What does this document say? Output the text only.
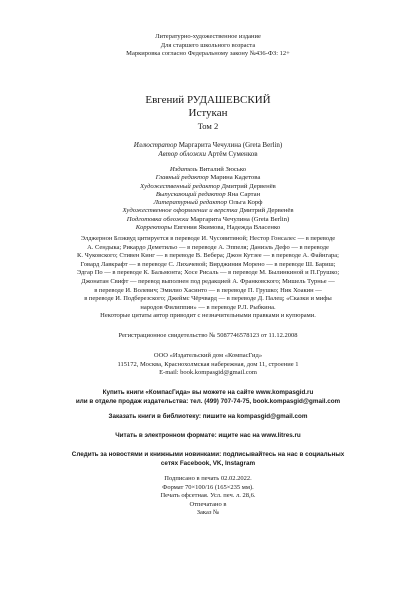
Литературно-художественное издание
Для старшего школьного возраста
Маркировка согласно Федеральному закону №436-ФЗ: 12+
Евгений РУДАШЕВСКИЙ
Истукан
Том 2
Иллюстратор Маргарита Чечулина (Greta Berlin)
Автор обложки Артём Суменков
Издатель Виталий Зюсько
Главный редактор Марина Кадетова
Художественный редактор Дмитрий Дервенёв
Выпускающий редактор Яна Сартан
Литературный редактор Ольга Корф
Художественное оформление и верстка Дмитрий Дервенёв
Подготовка обложки Маргарита Чечулина (Greta Berlin)
Корректоры Евгения Якимова, Надежда Власенко
Элджернон Блэквуд цитируется в переводе И. Чусовитиной; Нестор Гонсалес — в переводе
А. Сендыка; Рикардо Деметильо — в переводе А. Эппеля; Даниэль Дефо — в переводе
К. Чуковского; Стивен Кинг — в переводе В. Вебера; Джон Кутзее — в переводе А. Файнгара;
Говард Лавкрафт — в переводе С. Лихачевой; Вирджиния Морено — в переводе Ш. Бариш;
Эдгар По — в переводе К. Бальмонта; Хосе Рисаль — в переводе М. Былинкиной и П.Грушко;
Джонатан Свифт — перевод выполнен под редакцией А. Франковского; Мишель Турнье —
в переводе И. Волевич; Эмилио Хасинто — в переводе П. Грушко; Ник Хоакин —
в переводе И. Подберезского; Джеймс Чёрчвард — в переводе Д. Палец; «Сказки и мифы
народов Филиппин» — в переводе Р.Л. Рыбкина.
Некоторые цитаты автор приводит с незначительными правками и купюрами.
Регистрационное свидетельство № 5087746578123 от 11.12.2008
ООО «Издательский дом «КомпасГид»
115172, Москва, Краснохолмская набережная, дом 11, строение 1
E-mail: book.kompasgid@gmail.com
Купить книги «КомпасГида» вы можете на сайте www.kompasgid.ru
или в отделе продаж издательства: тел. (499) 707-74-75, book.kompasgid@gmail.com
Заказать книги в библиотеку: пишите на kompasgid@gmail.com
Читать в электронном формате: ищите нас на www.litres.ru
Следить за новостями и книжными новинками: подписывайтесь на нас в социальных
сетях Facebook, VK, Instagram
Подписано в печать 02.02.2022.
Формат 70×100/16 (165×235 мм).
Печать офсетная. Усл. печ. л. 28,6.
Отпечатано в
Заказ №
